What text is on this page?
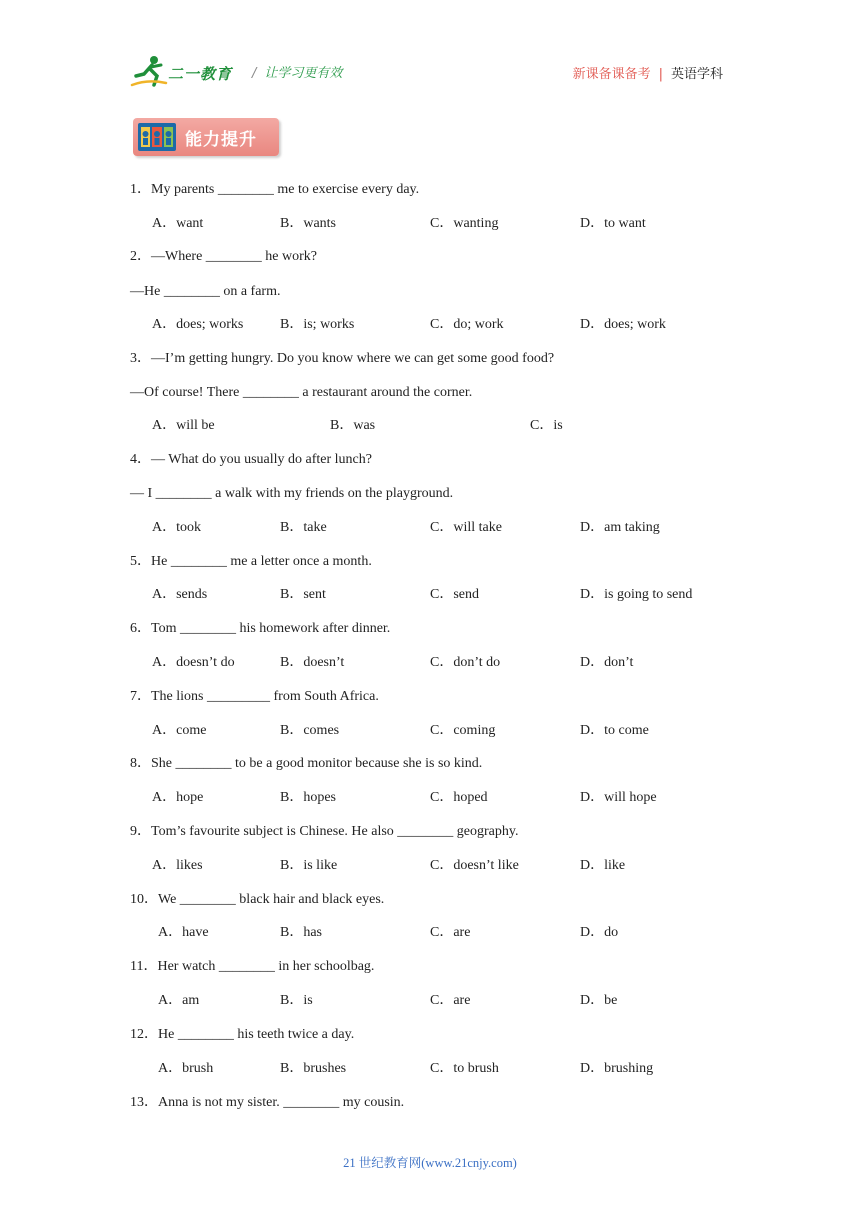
二一教育 / 让学习更有效	新课备课备考 | 英语学科
能力提升
1．My parents ________ me to exercise every day.
A．want	B．wants	C．wanting	D．to want
2．—Where ________ he work?
—He ________ on a farm.
A．does; works	B．is; works	C．do; work	D．does; work
3．—I’m getting hungry. Do you know where we can get some good food?
—Of course! There ________ a restaurant around the corner.
A．will be	B．was	C．is
4．— What do you usually do after lunch?
— I ________ a walk with my friends on the playground.
A．took	B．take	C．will take	D．am taking
5．He ________ me a letter once a month.
A．sends	B．sent	C．send	D．is going to send
6．Tom ________ his homework after dinner.
A．doesn’t do	B．doesn’t	C．don’t do	D．don’t
7．The lions _________ from South Africa.
A．come	B．comes	C．coming	D．to come
8．She ________ to be a good monitor because she is so kind.
A．hope	B．hopes	C．hoped	D．will hope
9．Tom’s favourite subject is Chinese. He also ________ geography.
A．likes	B．is like	C．doesn’t like	D．like
10．We ________ black hair and black eyes.
A．have	B．has	C．are	D．do
11．Her watch ________ in her schoolbag.
A．am	B．is	C．are	D．be
12．He ________ his teeth twice a day.
A．brush	B．brushes	C．to brush	D．brushing
13．Anna is not my sister. ________ my cousin.
21 世纪教育网(www.21cnjy.com)
